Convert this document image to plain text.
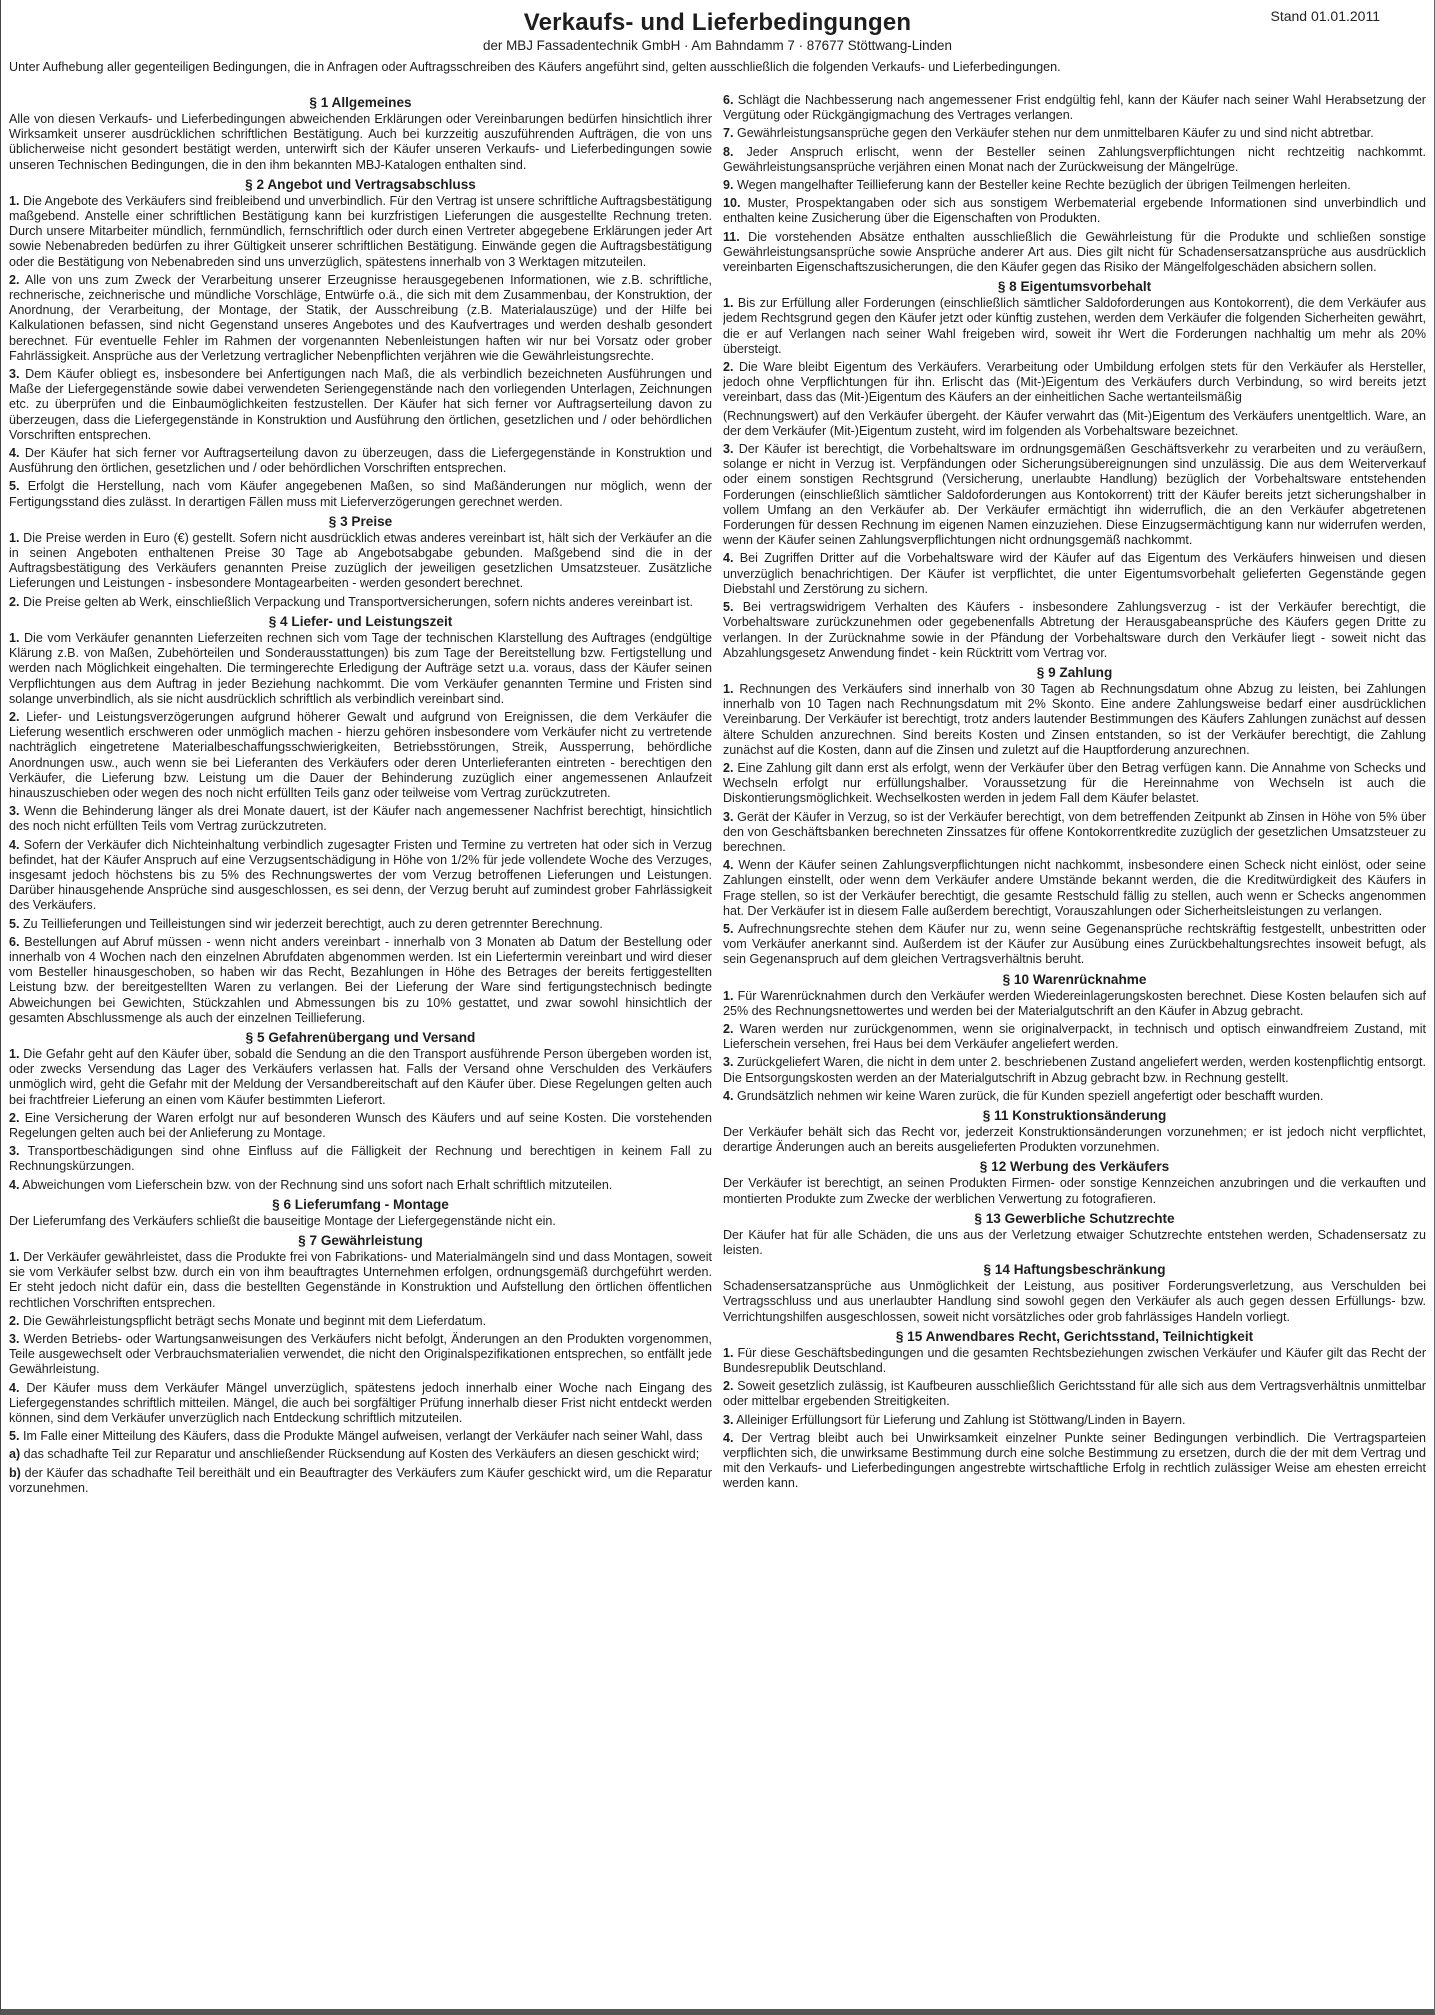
Stand 01.01.2011
Verkaufs- und Lieferbedingungen

der MBJ Fassadentechnik GmbH · Am Bahndamm 7 · 87677 Stöttwang-Linden

Unter Aufhebung aller gegenteiligen Bedingungen, die in Anfragen oder Auftragsschreiben des Käufers angeführt sind, gelten ausschließlich die folgenden Verkaufs- und Lieferbedingungen.

§ 1 Allgemeines

Alle von diesen Verkaufs- und Lieferbedingungen abweichenden Erklärungen oder Vereinbarungen bedürfen hinsichtlich ihrer Wirksamkeit unserer ausdrücklichen schriftlichen Bestätigung. Auch bei kurzzeitig auszuführenden Aufträgen, die von uns üblicherweise nicht gesondert bestätigt werden, unterwirft sich der Käufer unseren Verkaufs- und Lieferbedingungen sowie unseren Technischen Bedingungen, die in den ihm bekannten MBJ-Katalogen enthalten sind.

§ 2 Angebot und Vertragsabschluss

1. Die Angebote des Verkäufers sind freibleibend und unverbindlich. Für den Vertrag ist unsere schriftliche Auftragsbestätigung maßgebend. Anstelle einer schriftlichen Bestätigung kann bei kurzfristigen Lieferungen die ausgestellte Rechnung treten. Durch unsere Mitarbeiter mündlich, fernmündlich, fernschriftlich oder durch einen Vertreter abgegebene Erklärungen jeder Art sowie Nebenabreden bedürfen zu ihrer Gültigkeit unserer schriftlichen Bestätigung. Einwände gegen die Auftragsbestätigung oder die Bestätigung von Nebenabreden sind uns unverzüglich, spätestens innerhalb von 3 Werktagen mitzuteilen.

2. Alle von uns zum Zweck der Verarbeitung unserer Erzeugnisse herausgegebenen Informationen, wie z.B. schriftliche, rechnerische, zeichnerische und mündliche Vorschläge, Entwürfe o.ä., die sich mit dem Zusammenbau, der Konstruktion, der Anordnung, der Verarbeitung, der Montage, der Statik, der Ausschreibung (z.B. Materialauszüge) und der Hilfe bei Kalkulationen befassen, sind nicht Gegenstand unseres Angebotes und des Kaufvertrages und werden deshalb gesondert berechnet. Für eventuelle Fehler im Rahmen der vorgenannten Nebenleistungen haften wir nur bei Vorsatz oder grober Fahrlässigkeit. Ansprüche aus der Verletzung vertraglicher Nebenpflichten verjähren wie die Gewährleistungsrechte.

3. Dem Käufer obliegt es, insbesondere bei Anfertigungen nach Maß, die als verbindlich bezeichneten Ausführungen und Maße der Liefergegenstände sowie dabei verwendeten Seriengegenstände nach den vorliegenden Unterlagen, Zeichnungen etc. zu überprüfen und die Einbaumöglichkeiten festzustellen. Der Käufer hat sich ferner vor Auftragserteilung davon zu überzeugen, dass die Liefergegenstände in Konstruktion und Ausführung den örtlichen, gesetzlichen und / oder behördlichen Vorschriften entsprechen.

4. Der Käufer hat sich ferner vor Auftragserteilung davon zu überzeugen, dass die Liefergegenstände in Konstruktion und Ausführung den örtlichen, gesetzlichen und / oder behördlichen Vorschriften entsprechen.

5. Erfolgt die Herstellung, nach vom Käufer angegebenen Maßen, so sind Maßänderungen nur möglich, wenn der Fertigungsstand dies zulässt. In derartigen Fällen muss mit Lieferverzögerungen gerechnet werden.

§ 3 Preise

1. Die Preise werden in Euro (€) gestellt. Sofern nicht ausdrücklich etwas anderes vereinbart ist, hält sich der Verkäufer an die in seinen Angeboten enthaltenen Preise 30 Tage ab Angebotsabgabe gebunden. Maßgebend sind die in der Auftragsbestätigung des Verkäufers genannten Preise zuzüglich der jeweiligen gesetzlichen Umsatzsteuer. Zusätzliche Lieferungen und Leistungen - insbesondere Montagearbeiten - werden gesondert berechnet.

2. Die Preise gelten ab Werk, einschließlich Verpackung und Transportversicherungen, sofern nichts anderes vereinbart ist.

§ 4 Liefer- und Leistungszeit

1. Die vom Verkäufer genannten Lieferzeiten rechnen sich vom Tage der technischen Klarstellung des Auftrages (endgültige Klärung z.B. von Maßen, Zubehörteilen und Sonderausstattungen) bis zum Tage der Bereitstellung bzw. Fertigstellung und werden nach Möglichkeit eingehalten. Die termingerechte Erledigung der Aufträge setzt u.a. voraus, dass der Käufer seinen Verpflichtungen aus dem Auftrag in jeder Beziehung nachkommt. Die vom Verkäufer genannten Termine und Fristen sind solange unverbindlich, als sie nicht ausdrücklich schriftlich als verbindlich vereinbart sind.

2. Liefer- und Leistungsverzögerungen aufgrund höherer Gewalt und aufgrund von Ereignissen, die dem Verkäufer die Lieferung wesentlich erschweren oder unmöglich machen - hierzu gehören insbesondere vom Verkäufer nicht zu vertretende nachträglich eingetretene Materialbeschaffungsschwierigkeiten, Betriebsstörungen, Streik, Aussperrung, behördliche Anordnungen usw., auch wenn sie bei Lieferanten des Verkäufers oder deren Unterlieferanten eintreten - berechtigen den Verkäufer, die Lieferung bzw. Leistung um die Dauer der Behinderung zuzüglich einer angemessenen Anlaufzeit hinauszuschieben oder wegen des noch nicht erfüllten Teils ganz oder teilweise vom Vertrag zurückzutreten.

3. Wenn die Behinderung länger als drei Monate dauert, ist der Käufer nach angemessener Nachfrist berechtigt, hinsichtlich des noch nicht erfüllten Teils vom Vertrag zurückzutreten.

4. Sofern der Verkäufer dich Nichteinhaltung verbindlich zugesagter Fristen und Termine zu vertreten hat oder sich in Verzug befindet, hat der Käufer Anspruch auf eine Verzugsentschädigung in Höhe von 1/2% für jede vollendete Woche des Verzuges, insgesamt jedoch höchstens bis zu 5% des Rechnungswertes der vom Verzug betroffenen Lieferungen und Leistungen. Darüber hinausgehende Ansprüche sind ausgeschlossen, es sei denn, der Verzug beruht auf zumindest grober Fahrlässigkeit des Verkäufers.

5. Zu Teillieferungen und Teilleistungen sind wir jederzeit berechtigt, auch zu deren getrennter Berechnung.

6. Bestellungen auf Abruf müssen - wenn nicht anders vereinbart - innerhalb von 3 Monaten ab Datum der Bestellung oder innerhalb von 4 Wochen nach den einzelnen Abrufdaten abgenommen werden. Ist ein Liefertermin vereinbart und wird dieser vom Besteller hinausgeschoben, so haben wir das Recht, Bezahlungen in Höhe des Betrages der bereits fertiggestellten Leistung bzw. der bereitgestellten Waren zu verlangen. Bei der Lieferung der Ware sind fertigungstechnisch bedingte Abweichungen bei Gewichten, Stückzahlen und Abmessungen bis zu 10% gestattet, und zwar sowohl hinsichtlich der gesamten Abschlussmenge als auch der einzelnen Teillieferung.

§ 5 Gefahrenübergang und Versand

1. Die Gefahr geht auf den Käufer über, sobald die Sendung an die den Transport ausführende Person übergeben worden ist, oder zwecks Versendung das Lager des Verkäufers verlassen hat. Falls der Versand ohne Verschulden des Verkäufers unmöglich wird, geht die Gefahr mit der Meldung der Versandbereitschaft auf den Käufer über. Diese Regelungen gelten auch bei frachtfreier Lieferung an einen vom Käufer bestimmten Lieferort.

2. Eine Versicherung der Waren erfolgt nur auf besonderen Wunsch des Käufers und auf seine Kosten. Die vorstehenden Regelungen gelten auch bei der Anlieferung zu Montage.

3. Transportbeschädigungen sind ohne Einfluss auf die Fälligkeit der Rechnung und berechtigen in keinem Fall zu Rechnungskürzungen.

4. Abweichungen vom Lieferschein bzw. von der Rechnung sind uns sofort nach Erhalt schriftlich mitzuteilen.

§ 6 Lieferumfang - Montage

Der Lieferumfang des Verkäufers schließt die bauseitige Montage der Liefergegenstände nicht ein.

§ 7 Gewährleistung

1. Der Verkäufer gewährleistet, dass die Produkte frei von Fabrikations- und Materialmängeln sind und dass Montagen, soweit sie vom Verkäufer selbst bzw. durch ein von ihm beauftragtes Unternehmen erfolgen, ordnungsgemäß durchgeführt werden. Er steht jedoch nicht dafür ein, dass die bestellten Gegenstände in Konstruktion und Aufstellung den örtlichen öffentlichen rechtlichen Vorschriften entsprechen.

2. Die Gewährleistungspflicht beträgt sechs Monate und beginnt mit dem Lieferdatum.

3. Werden Betriebs- oder Wartungsanweisungen des Verkäufers nicht befolgt, Änderungen an den Produkten vorgenommen, Teile ausgewechselt oder Verbrauchsmaterialien verwendet, die nicht den Originalspezifikationen entsprechen, so entfällt jede Gewährleistung.

4. Der Käufer muss dem Verkäufer Mängel unverzüglich, spätestens jedoch innerhalb einer Woche nach Eingang des Liefergegenstandes schriftlich mitteilen. Mängel, die auch bei sorgfältiger Prüfung innerhalb dieser Frist nicht entdeckt werden können, sind dem Verkäufer unverzüglich nach Entdeckung schriftlich mitzuteilen.

5. Im Falle einer Mitteilung des Käufers, dass die Produkte Mängel aufweisen, verlangt der Verkäufer nach seiner Wahl, dass

a) das schadhafte Teil zur Reparatur und anschließender Rücksendung auf Kosten des Verkäufers an diesen geschickt wird;

b) der Käufer das schadhafte Teil bereithält und ein Beauftragter des Verkäufers zum Käufer geschickt wird, um die Reparatur vorzunehmen.

6. Schlägt die Nachbesserung nach angemessener Frist endgültig fehl, kann der Käufer nach seiner Wahl Herabsetzung der Vergütung oder Rückgängigmachung des Vertrages verlangen.

7. Gewährleistungsansprüche gegen den Verkäufer stehen nur dem unmittelbaren Käufer zu und sind nicht abtretbar.

8. Jeder Anspruch erlischt, wenn der Besteller seinen Zahlungsverpflichtungen nicht rechtzeitig nachkommt. Gewährleistungsansprüche verjähren einen Monat nach der Zurückweisung der Mängelrüge.

9. Wegen mangelhafter Teillieferung kann der Besteller keine Rechte bezüglich der übrigen Teilmengen herleiten.

10. Muster, Prospektangaben oder sich aus sonstigem Werbematerial ergebende Informationen sind unverbindlich und enthalten keine Zusicherung über die Eigenschaften von Produkten.

11. Die vorstehenden Absätze enthalten ausschließlich die Gewährleistung für die Produkte und schließen sonstige Gewährleistungsansprüche sowie Ansprüche anderer Art aus. Dies gilt nicht für Schadensersatzansprüche aus ausdrücklich vereinbarten Eigenschaftszusicherungen, die den Käufer gegen das Risiko der Mängelfolgeschäden absichern sollen.

§ 8 Eigentumsvorbehalt

1. Bis zur Erfüllung aller Forderungen (einschließlich sämtlicher Saldoforderungen aus Kontokorrent), die dem Verkäufer aus jedem Rechtsgrund gegen den Käufer jetzt oder künftig zustehen, werden dem Verkäufer die folgenden Sicherheiten gewährt, die er auf Verlangen nach seiner Wahl freigeben wird, soweit ihr Wert die Forderungen nachhaltig um mehr als 20% übersteigt.

2. Die Ware bleibt Eigentum des Verkäufers. Verarbeitung oder Umbildung erfolgen stets für den Verkäufer als Hersteller, jedoch ohne Verpflichtungen für ihn. Erlischt das (Mit-)Eigentum des Verkäufers durch Verbindung, so wird bereits jetzt vereinbart, dass das (Mit-)Eigentum des Käufers an der einheitlichen Sache wertanteilsmäßig

(Rechnungswert) auf den Verkäufer übergeht. der Käufer verwahrt das (Mit-)Eigentum des Verkäufers unentgeltlich. Ware, an der dem Verkäufer (Mit-)Eigentum zusteht, wird im folgenden als Vorbehaltsware bezeichnet.

3. Der Käufer ist berechtigt, die Vorbehaltsware im ordnungsgemäßen Geschäftsverkehr zu verarbeiten und zu veräußern, solange er nicht in Verzug ist. Verpfändungen oder Sicherungsübereignungen sind unzulässig. Die aus dem Weiterverkauf oder einem sonstigen Rechtsgrund (Versicherung, unerlaubte Handlung) bezüglich der Vorbehaltsware entstehenden Forderungen (einschließlich sämtlicher Saldoforderungen aus Kontokorrent) tritt der Käufer bereits jetzt sicherungshalber in vollem Umfang an den Verkäufer ab. Der Verkäufer ermächtigt ihn widerruflich, die an den Verkäufer abgetretenen Forderungen für dessen Rechnung im eigenen Namen einzuziehen. Diese Einzugsermächtigung kann nur widerrufen werden, wenn der Käufer seinen Zahlungsverpflichtungen nicht ordnungsgemäß nachkommt.

4. Bei Zugriffen Dritter auf die Vorbehaltsware wird der Käufer auf das Eigentum des Verkäufers hinweisen und diesen unverzüglich benachrichtigen. Der Käufer ist verpflichtet, die unter Eigentumsvorbehalt gelieferten Gegenstände gegen Diebstahl und Zerstörung zu sichern.

5. Bei vertragswidrigem Verhalten des Käufers - insbesondere Zahlungsverzug - ist der Verkäufer berechtigt, die Vorbehaltsware zurückzunehmen oder gegebenenfalls Abtretung der Herausgabeansprüche des Käufers gegen Dritte zu verlangen. In der Zurücknahme sowie in der Pfändung der Vorbehaltsware durch den Verkäufer liegt - soweit nicht das Abzahlungsgesetz Anwendung findet - kein Rücktritt vom Vertrag vor.

§ 9 Zahlung

1. Rechnungen des Verkäufers sind innerhalb von 30 Tagen ab Rechnungsdatum ohne Abzug zu leisten, bei Zahlungen innerhalb von 10 Tagen nach Rechnungsdatum mit 2% Skonto. Eine andere Zahlungsweise bedarf einer ausdrücklichen Vereinbarung. Der Verkäufer ist berechtigt, trotz anders lautender Bestimmungen des Käufers Zahlungen zunächst auf dessen ältere Schulden anzurechnen. Sind bereits Kosten und Zinsen entstanden, so ist der Verkäufer berechtigt, die Zahlung zunächst auf die Kosten, dann auf die Zinsen und zuletzt auf die Hauptforderung anzurechnen.

2. Eine Zahlung gilt dann erst als erfolgt, wenn der Verkäufer über den Betrag verfügen kann. Die Annahme von Schecks und Wechseln erfolgt nur erfüllungshalber. Voraussetzung für die Hereinnahme von Wechseln ist auch die Diskontierungsmöglichkeit. Wechselkosten werden in jedem Fall dem Käufer belastet.

3. Gerät der Käufer in Verzug, so ist der Verkäufer berechtigt, von dem betreffenden Zeitpunkt ab Zinsen in Höhe von 5% über den von Geschäftsbanken berechneten Zinssatzes für offene Kontokorrentkredite zuzüglich der gesetzlichen Umsatzsteuer zu berechnen.

4. Wenn der Käufer seinen Zahlungsverpflichtungen nicht nachkommt, insbesondere einen Scheck nicht einlöst, oder seine Zahlungen einstellt, oder wenn dem Verkäufer andere Umstände bekannt werden, die die Kreditwürdigkeit des Käufers in Frage stellen, so ist der Verkäufer berechtigt, die gesamte Restschuld fällig zu stellen, auch wenn er Schecks angenommen hat. Der Verkäufer ist in diesem Falle außerdem berechtigt, Vorauszahlungen oder Sicherheitsleistungen zu verlangen.

5. Aufrechnungsrechte stehen dem Käufer nur zu, wenn seine Gegenansprüche rechtskräftig festgestellt, unbestritten oder vom Verkäufer anerkannt sind. Außerdem ist der Käufer zur Ausübung eines Zurückbehaltungsrechtes insoweit befugt, als sein Gegenanspruch auf dem gleichen Vertragsverhältnis beruht.

§ 10 Warenrücknahme

1. Für Warenrücknahmen durch den Verkäufer werden Wiedereinlagerungskosten berechnet. Diese Kosten belaufen sich auf 25% des Rechnungsnettowertes und werden bei der Materialgutschrift an den Käufer in Abzug gebracht.

2. Waren werden nur zurückgenommen, wenn sie originalverpackt, in technisch und optisch einwandfreiem Zustand, mit Lieferschein versehen, frei Haus bei dem Verkäufer angeliefert werden.

3. Zurückgeliefert Waren, die nicht in dem unter 2. beschriebenen Zustand angeliefert werden, werden kostenpflichtig entsorgt. Die Entsorgungskosten werden an der Materialgutschrift in Abzug gebracht bzw. in Rechnung gestellt.

4. Grundsätzlich nehmen wir keine Waren zurück, die für Kunden speziell angefertigt oder beschafft wurden.

§ 11 Konstruktionsänderung

Der Verkäufer behält sich das Recht vor, jederzeit Konstruktionsänderungen vorzunehmen; er ist jedoch nicht verpflichtet, derartige Änderungen auch an bereits ausgelieferten Produkten vorzunehmen.

§ 12 Werbung des Verkäufers

Der Verkäufer ist berechtigt, an seinen Produkten Firmen- oder sonstige Kennzeichen anzubringen und die verkauften und montierten Produkte zum Zwecke der werblichen Verwertung zu fotografieren.

§ 13 Gewerbliche Schutzrechte

Der Käufer hat für alle Schäden, die uns aus der Verletzung etwaiger Schutzrechte entstehen werden, Schadensersatz zu leisten.

§ 14 Haftungsbeschränkung

Schadensersatzansprüche aus Unmöglichkeit der Leistung, aus positiver Forderungsverletzung, aus Verschulden bei Vertragsschluss und aus unerlaubter Handlung sind sowohl gegen den Verkäufer als auch gegen dessen Erfüllungs- bzw. Verrichtungshilfen ausgeschlossen, soweit nicht vorsätzliches oder grob fahrlässiges Handeln vorliegt.

§ 15 Anwendbares Recht, Gerichtsstand, Teilnichtigkeit

1. Für diese Geschäftsbedingungen und die gesamten Rechtsbeziehungen zwischen Verkäufer und Käufer gilt das Recht der Bundesrepublik Deutschland.

2. Soweit gesetzlich zulässig, ist Kaufbeuren ausschließlich Gerichtsstand für alle sich aus dem Vertragsverhältnis unmittelbar oder mittelbar ergebenden Streitigkeiten.

3. Alleiniger Erfüllungsort für Lieferung und Zahlung ist Stöttwang/Linden in Bayern.

4. Der Vertrag bleibt auch bei Unwirksamkeit einzelner Punkte seiner Bedingungen verbindlich. Die Vertragsparteien verpflichten sich, die unwirksame Bestimmung durch eine solche Bestimmung zu ersetzen, durch die der mit dem Vertrag und mit den Verkaufs- und Lieferbedingungen angestrebte wirtschaftliche Erfolg in rechtlich zulässiger Weise am ehesten erreicht werden kann.
